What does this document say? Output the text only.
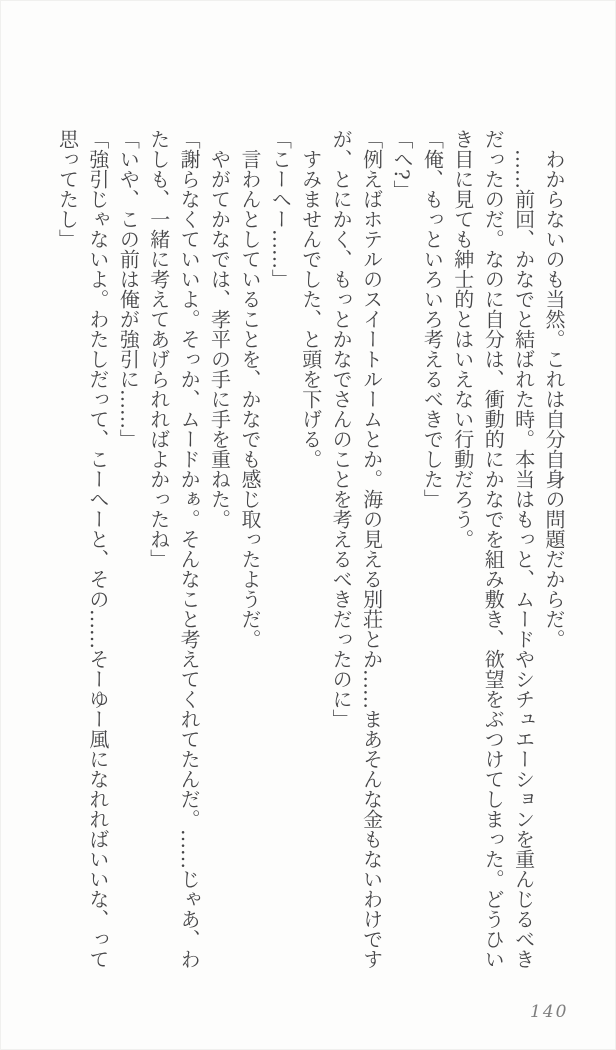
わからないのも当然。これは自分自身の問題だからだ。

……前回、かなでと結ばれた時。本当はもっと、ムードやシチュエーションを重んじるべき

だったのだ。なのに自分は、衝動的にかなでを組み敷き、欲望をぶつけてしまった。どうひい

き目に見ても紳士的とはいえない行動だろう。

「俺、もっといろいろ考えるべきでした」

「へ?」

「例えばホテルのスイートルームとか。海の見える別荘とか……まあそんな金もないわけです

が、とにかく、もっとかなでさんのことを考えるべきだったのに」

すみませんでした、と頭を下げる。

「こーへー……」

言わんとしていることを、かなでも感じ取ったようだ。

やがてかなでは、孝平の手に手を重ねた。

「謝らなくていいよ。そっか、ムードかぁ。そんなこと考えてくれてたんだ。……じゃあ、わ

たしも、一緒に考えてあげられればよかったね」

「いや、この前は俺が強引に……」

「強引じゃないよ。わたしだって、こーへーと、その……そーゆー風になれればいいな、って

思ってたし」

140
